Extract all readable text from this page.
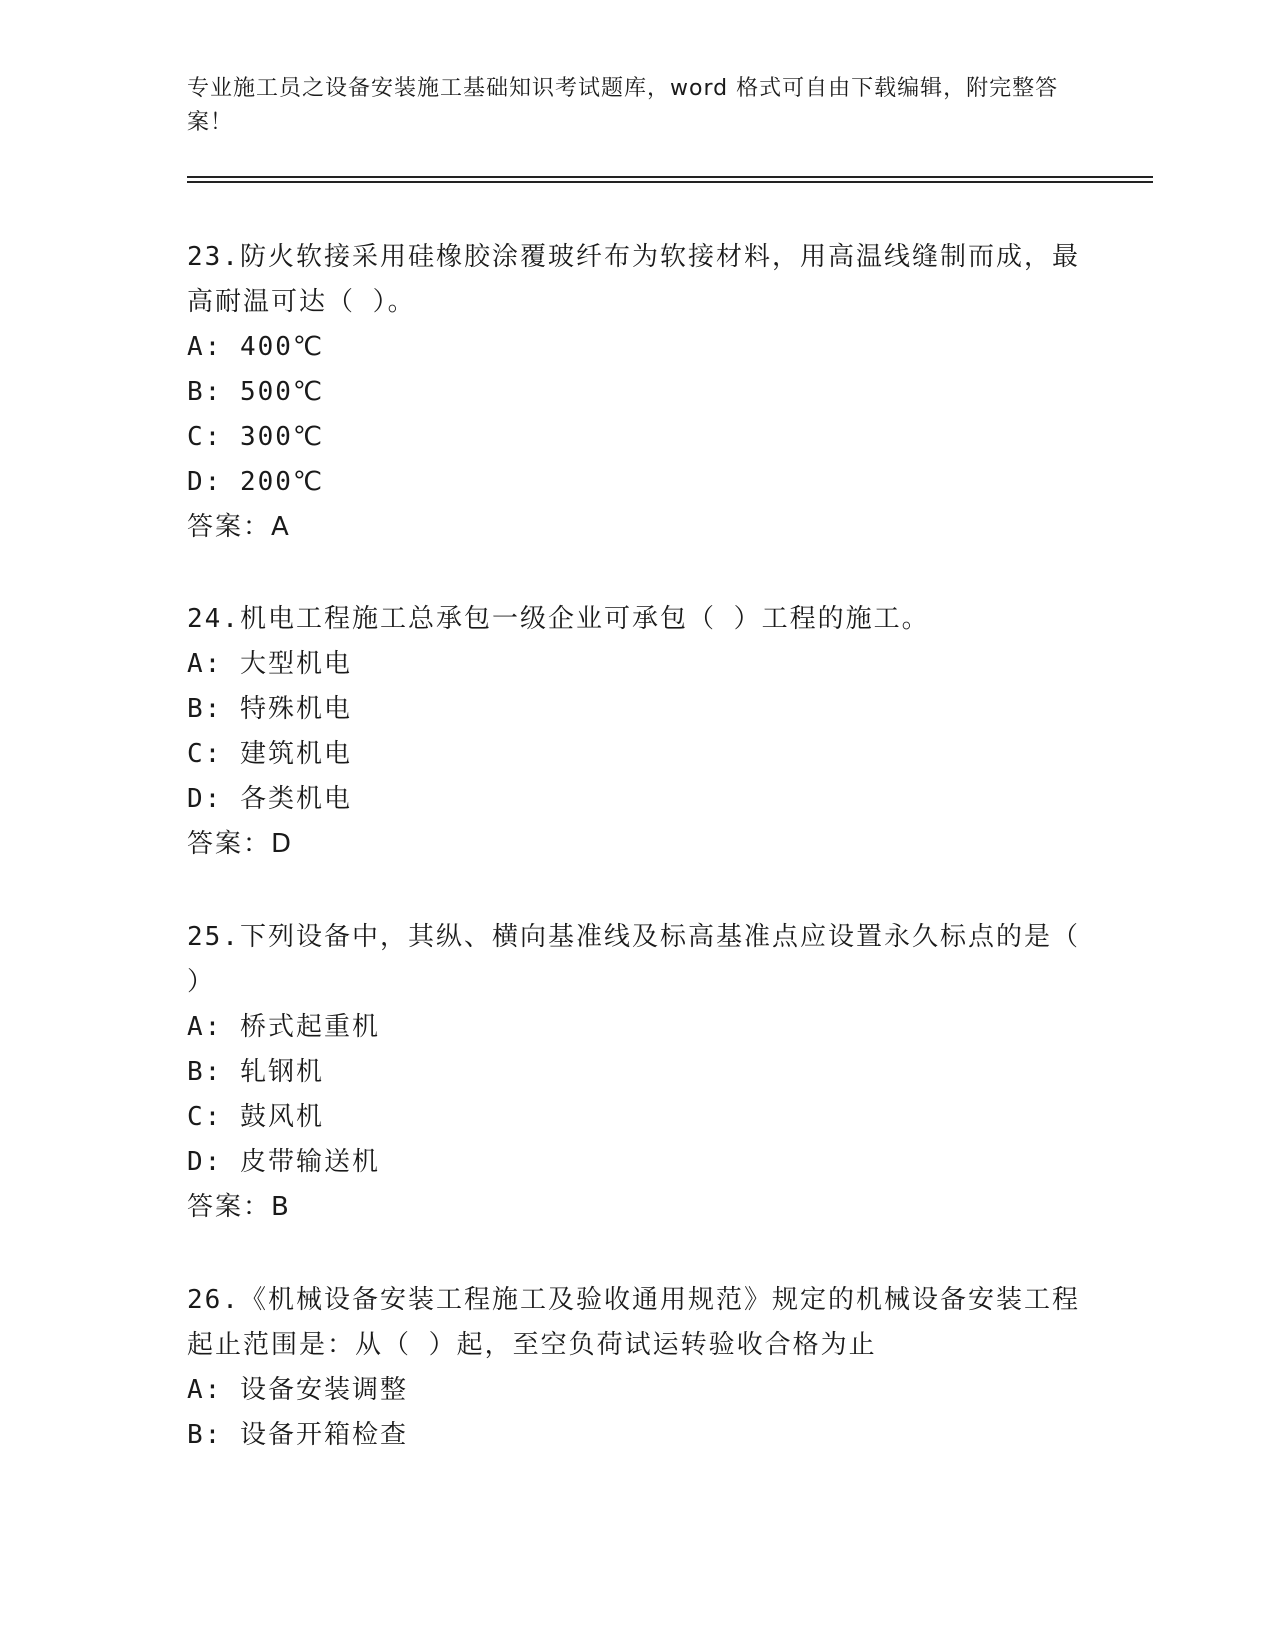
专业施工员之设备安装施工基础知识考试题库，word 格式可自由下载编辑，附完整答案！
23.防火软接采用硅橡胶涂覆玻纤布为软接材料，用高温线缝制而成，最高耐温可达（ ）。
A: 400℃
B: 500℃
C: 300℃
D: 200℃
答案：A
24.机电工程施工总承包一级企业可承包（ ）工程的施工。
A: 大型机电
B: 特殊机电
C: 建筑机电
D: 各类机电
答案：D
25.下列设备中，其纵、横向基准线及标高基准点应设置永久标点的是（ ）
A: 桥式起重机
B: 轧钢机
C: 鼓风机
D: 皮带输送机
答案：B
26.《机械设备安装工程施工及验收通用规范》规定的机械设备安装工程起止范围是：从（ ）起，至空负荷试运转验收合格为止
A: 设备安装调整
B: 设备开箱检查
